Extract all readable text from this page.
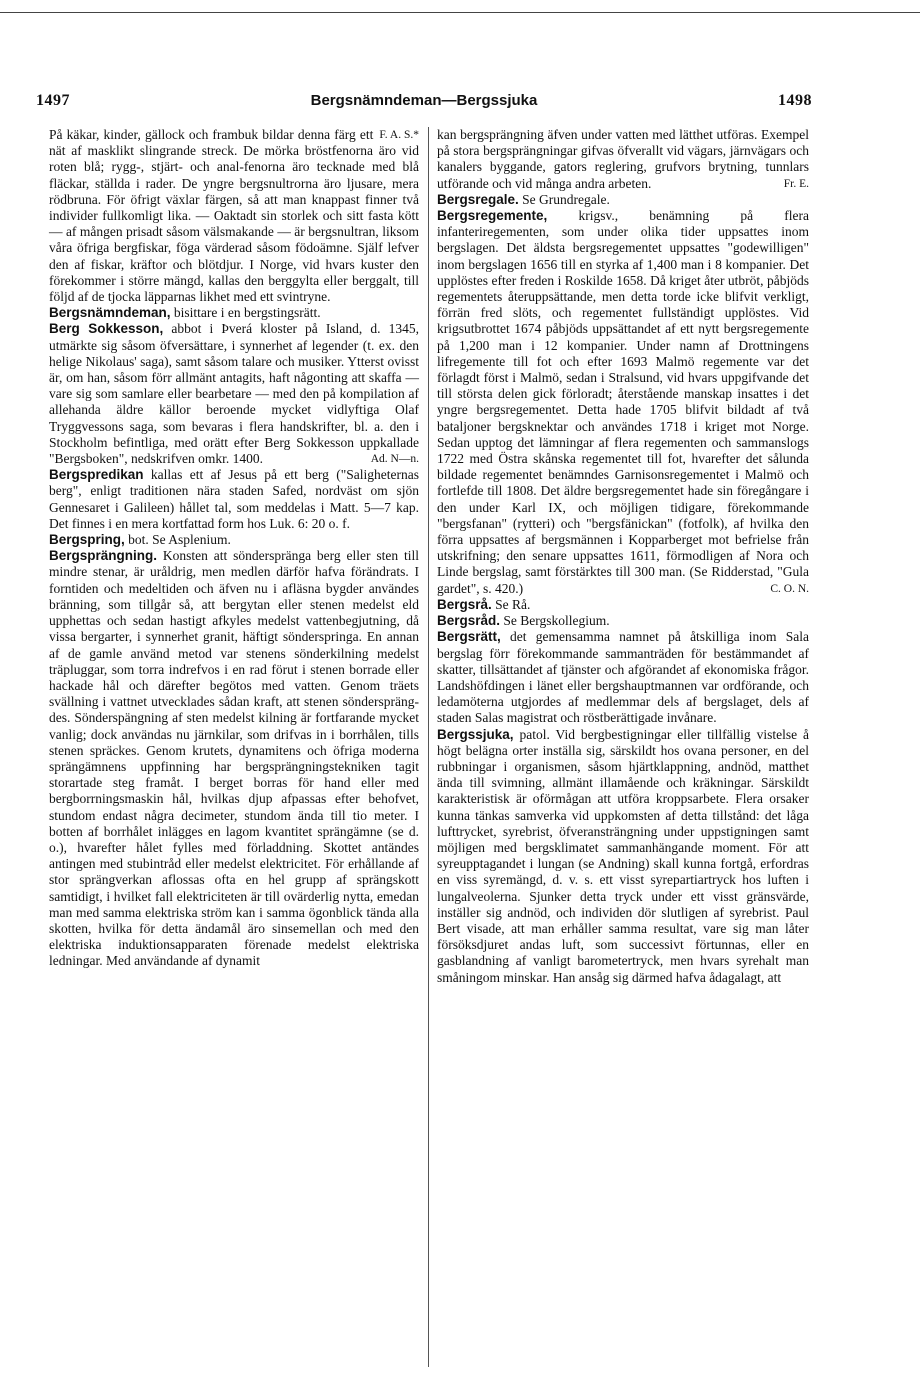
1497	Bergsnämndeman—Bergssjuka	1498

F. A. S.*
På käkar, kinder, gällock och frambuk bildar denna färg ett nät af masklikt slingrande streck. De mörka bröstfenorna äro vid roten blå; rygg-, stjärt- och anal-fenorna äro tecknade med blå fläckar, ställda i rader. De yngre bergsnultrorna äro ljusare, mera rödbruna. För öfrigt växlar färgen, så att man knappast finner två individer fullkomligt lika. — Oaktadt sin storlek och sitt fasta kött — af mången prisadt såsom välsmakande — är bergsnultran, liksom våra öfriga bergfiskar, föga värderad såsom födoämne. Själf lefver den af fiskar, kräftor och blötdjur. I Norge, vid hvars kuster den förekommer i större mängd, kallas den berggylta eller berggalt, till följd af de tjocka läpparnas likhet med ett svintryne.

Bergsnämndeman, bisittare i en bergstingsrätt.

Berg Sokkesson, abbot i Þverá kloster på Island, d. 1345, utmärkte sig såsom öfversättare, i synnerhet af legender (t. ex. den helige Nikolaus' saga), samt såsom talare och musiker. Ytterst ovisst är, om han, såsom förr allmänt antagits, haft någonting att skaffa — vare sig som samlare eller bearbetare — med den på kompilation af allehanda äldre källor beroende mycket vidlyftiga Olaf Tryggvessons saga, som bevaras i flera handskrifter, bl. a. den i Stockholm befintliga, med orätt efter Berg Sokkesson uppkallade "Bergsboken", nedskrifven omkr. 1400.	Ad. N—n.

Bergspredikan kallas ett af Jesus på ett berg ("Saligheternas berg", enligt traditionen nära staden Safed, nordväst om sjön Gennesaret i Galileen) hållet tal, som meddelas i Matt. 5—7 kap. Det finnes i en mera kortfattad form hos Luk. 6: 20 o. f.

Bergspring, bot. Se Asplenium.

Bergsprängning. Konsten att sönderspränga berg eller sten till mindre stenar, är uråldrig, men medlen därför hafva förändrats. I forntiden och medeltiden och äfven nu i afläsna bygder användes bränning, som tillgår så, att bergytan eller stenen medelst eld upphettas och sedan hastigt afkyles medelst vattenbegjutning, då vissa bergarter, i synnerhet granit, häftigt sönderspringa. En annan af de gamle använd metod var stenens sönderkilning medelst träpluggar, som torra indrefvos i en rad förut i stenen borrade eller hackade hål och därefter begötos med vatten. Genom träets svällning i vattnet utvecklades sådan kraft, att stenen söndersprängdes. Sönderspängning af sten medelst kilning är fortfarande mycket vanlig; dock användas nu järnkilar, som drifvas in i borrhålen, tills stenen spräckes. Genom krutets, dynamitens och öfriga moderna sprängämnens uppfinning har bergsprängningstekniken tagit storartade steg framåt. I berget borras för hand eller med bergborrningsmaskin hål, hvilkas djup afpassas efter behofvet, stundom endast några decimeter, stundom ända till tio meter. I botten af borrhålet inlägges en lagom kvantitet sprängämne (se d. o.), hvarefter hålet fylles med förladdning. Skottet antändes antingen med stubintråd eller medelst elektricitet. För erhållande af stor sprängverkan aflossas ofta en hel grupp af sprängskott samtidigt, i hvilket fall elektriciteten är till ovärderlig nytta, emedan man med samma elektriska ström kan i samma ögonblick tända alla skotten, hvilka för detta ändamål äro sinsemellan och med den elektriska induktionsapparaten förenade medelst elektriska ledningar. Med användande af dynamit

kan bergsprängning äfven under vatten med lätthet utföras. Exempel på stora bergsprängningar gifvas öfverallt vid vägars, järnvägars och kanalers byggande, gators reglering, grufvors brytning, tunnlars utförande och vid många andra arbeten.	Fr. E.

Bergsregale. Se Grundregale.

Bergsregemente, krigsv., benämning på flera infanteriregementen, som under olika tider uppsattes inom bergslagen. Det äldsta bergsregementet uppsattes "godewilligen" inom bergslagen 1656 till en styrka af 1,400 man i 8 kompanier. Det upplöstes efter freden i Roskilde 1658. Då kriget åter utbröt, påbjöds regementets återuppsättande, men detta torde icke blifvit verkligt, förrän fred slöts, och regementet fullständigt upplöstes. Vid krigsutbrottet 1674 påbjöds uppsättandet af ett nytt bergsregemente på 1,200 man i 12 kompanier. Under namn af Drottningens lifregemente till fot och efter 1693 Malmö regemente var det förlagdt först i Malmö, sedan i Stralsund, vid hvars uppgifvande det till största delen gick förloradt; återstående manskap insattes i det yngre bergsregementet. Detta hade 1705 blifvit bildadt af två bataljoner bergsknektar och användes 1718 i kriget mot Norge. Sedan upptog det lämningar af flera regementen och sammanslogs 1722 med Östra skånska regementet till fot, hvarefter det sålunda bildade regementet benämndes Garnisonsregementet i Malmö och fortlefde till 1808. Det äldre bergsregementet hade sin föregångare i den under Karl IX, och möjligen tidigare, förekommande "bergsfanan" (rytteri) och "bergsfänickan" (fotfolk), af hvilka den förra uppsattes af bergsmännen i Kopparberget mot befrielse från utskrifning; den senare uppsattes 1611, förmodligen af Nora och Linde bergslag, samt förstärktes till 300 man. (Se Ridderstad, "Gula gardet", s. 420.)	C. O. N.

Bergsrå. Se Rå.

Bergsråd. Se Bergskollegium.

Bergsrätt, det gemensamma namnet på åtskilliga inom Sala bergslag förr förekommande sammanträden för bestämmandet af skatter, tillsättandet af tjänster och afgörandet af ekonomiska frågor. Landshöfdingen i länet eller bergshauptmannen var ordförande, och ledamöterna utgjordes af medlemmar dels af bergslaget, dels af staden Salas magistrat och röstberättigade invånare.

Bergssjuka, patol. Vid bergbestigningar eller tillfällig vistelse å högt belägna orter inställa sig, särskildt hos ovana personer, en del rubbningar i organismen, såsom hjärtklappning, andnöd, matthet ända till svimning, allmänt illamående och kräkningar. Särskildt karakteristisk är oförmågan att utföra kroppsarbete. Flera orsaker kunna tänkas samverka vid uppkomsten af detta tillstånd: det låga lufttrycket, syrebrist, öfveransträngning under uppstigningen samt möjligen med bergsklimatet sammanhängande moment. För att syreupptagandet i lungan (se Andning) skall kunna fortgå, erfordras en viss syremängd, d. v. s. ett visst syrepartiartryck hos luften i lungalveolerna. Sjunker detta tryck under ett visst gränsvärde, inställer sig andnöd, och individen dör slutligen af syrebrist. Paul Bert visade, att man erhåller samma resultat, vare sig man låter försöksdjuret andas luft, som successivt förtunnas, eller en gasblandning af vanligt barometertryck, men hvars syrehalt man småningom minskar. Han ansåg sig därmed hafva ådagalagt, att
